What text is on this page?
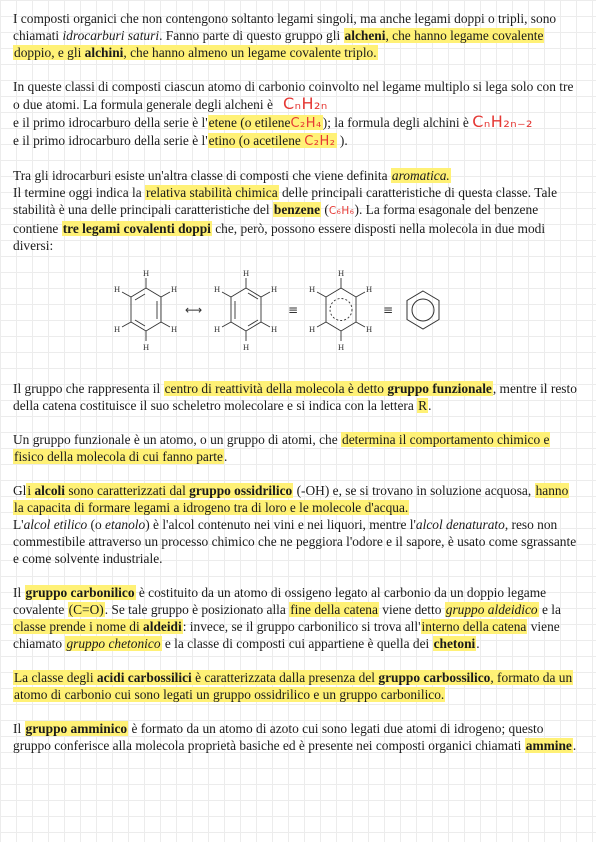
I composti organici che non contengono soltanto legami singoli, ma anche legami doppi o tripli, sono chiamati idrocarburi saturi. Fanno parte di questo gruppo gli alcheni, che hanno legame covalente doppio, e gli alchini, che hanno almeno un legame covalente triplo.

In queste classi di composti ciascun atomo di carbonio coinvolto nel legame multiplo si lega solo con tre o due atomi. La formula generale degli alcheni è CₙH₂ₙ
e il primo idrocarburo della serie è l'etene (o etileneC₂H₄); la formula degli alchini è CₙH₂ₙ₋₂
e il primo idrocarburo della serie è l'etino (o acetilene C₂H₂ ).

Tra gli idrocarburi esiste un'altra classe di composti che viene definita aromatica.
Il termine oggi indica la relativa stabilità chimica delle principali caratteristiche di questa classe. Tale stabilità è una delle principali caratteristiche del benzene (C₆H₆). La forma esagonale del benzene contiene tre legami covalenti doppi che, però, possono essere disposti nella molecola in due modi diversi:

H
H
H	H
H	H
H
H
H	H
H	H
H
H
H	H
H	H
⟷	≡	≡

Il gruppo che rappresenta il centro di reattività della molecola è detto gruppo funzionale, mentre il resto della catena costituisce il suo scheletro molecolare e si indica con la lettera R.

Un gruppo funzionale è un atomo, o un gruppo di atomi, che determina il comportamento chimico e fisico della molecola di cui fanno parte.

Gli alcoli sono caratterizzati dal gruppo ossidrilico (-OH) e, se si trovano in soluzione acquosa, hanno la capacita di formare legami a idrogeno tra di loro e le molecole d'acqua.
L'alcol etilico (o etanolo) è l'alcol contenuto nei vini e nei liquori, mentre l'alcol denaturato, reso non commestibile attraverso un processo chimico che ne peggiora l'odore e il sapore, è usato come sgrassante e come solvente industriale.

Il gruppo carbonilico è costituito da un atomo di ossigeno legato al carbonio da un doppio legame covalente (C=O). Se tale gruppo è posizionato alla fine della catena viene detto gruppo aldeidico e la classe prende i nome di aldeidi: invece, se il gruppo carbonilico si trova all'interno della catena viene chiamato gruppo chetonico e la classe di composti cui appartiene è quella dei chetoni.

La classe degli acidi carbossilici è caratterizzata dalla presenza del gruppo carbossilico, formato da un atomo di carbonio cui sono legati un gruppo ossidrilico e un gruppo carbonilico.

Il gruppo amminico è formato da un atomo di azoto cui sono legati due atomi di idrogeno; questo gruppo conferisce alla molecola proprietà basiche ed è presente nei composti organici chiamati ammine.
